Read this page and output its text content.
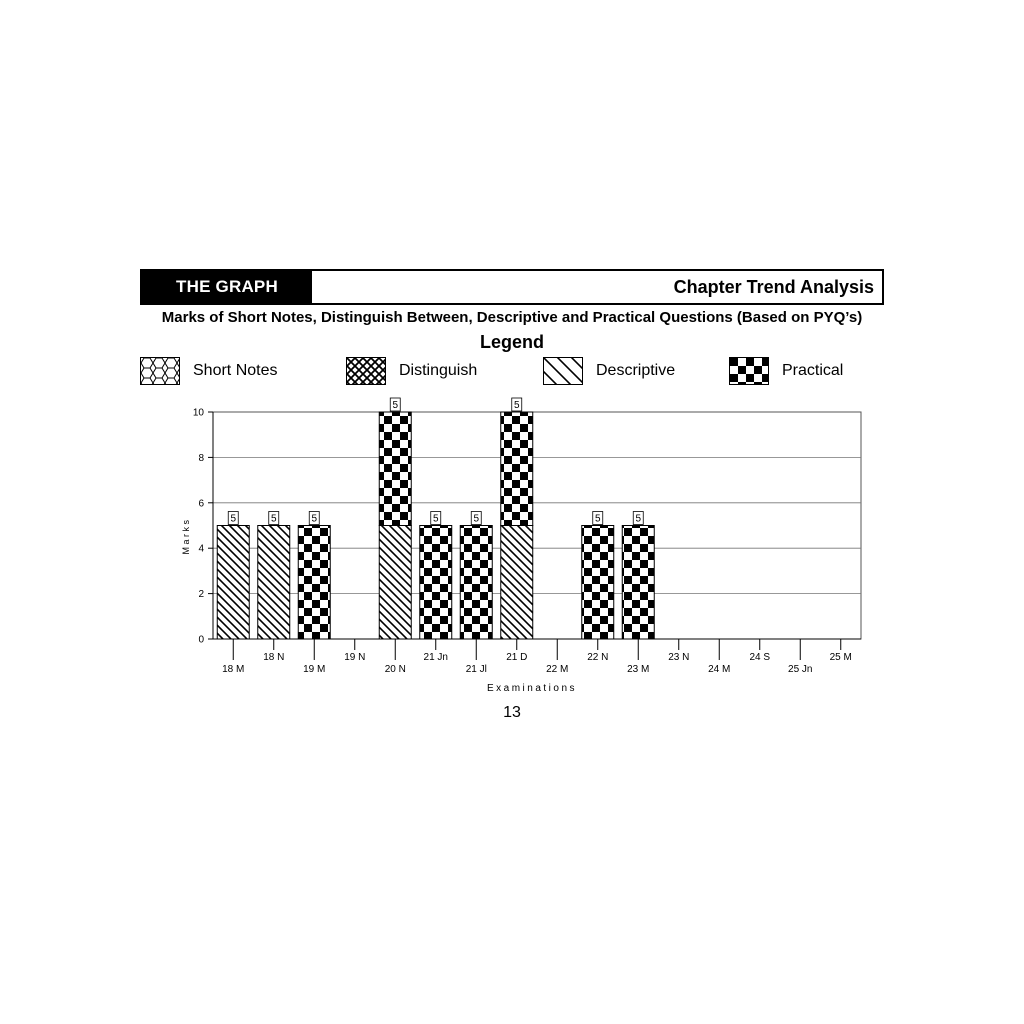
THE GRAPH	Chapter Trend Analysis
Marks of Short Notes, Distinguish Between, Descriptive and Practical Questions (Based on PYQ’s)
Legend
Short Notes	Distinguish	Descriptive	Practical
5	5	5
5
5	5
5
5	5
0
2
4
6
8
10
18 M
18 N
19 M
19 N
20 N
21 Jn
21 Jl
21 D
22 M
22 N
23 M
23 N
24 M
24 S
25 Jn
25 M
Marks
Examinations
13
